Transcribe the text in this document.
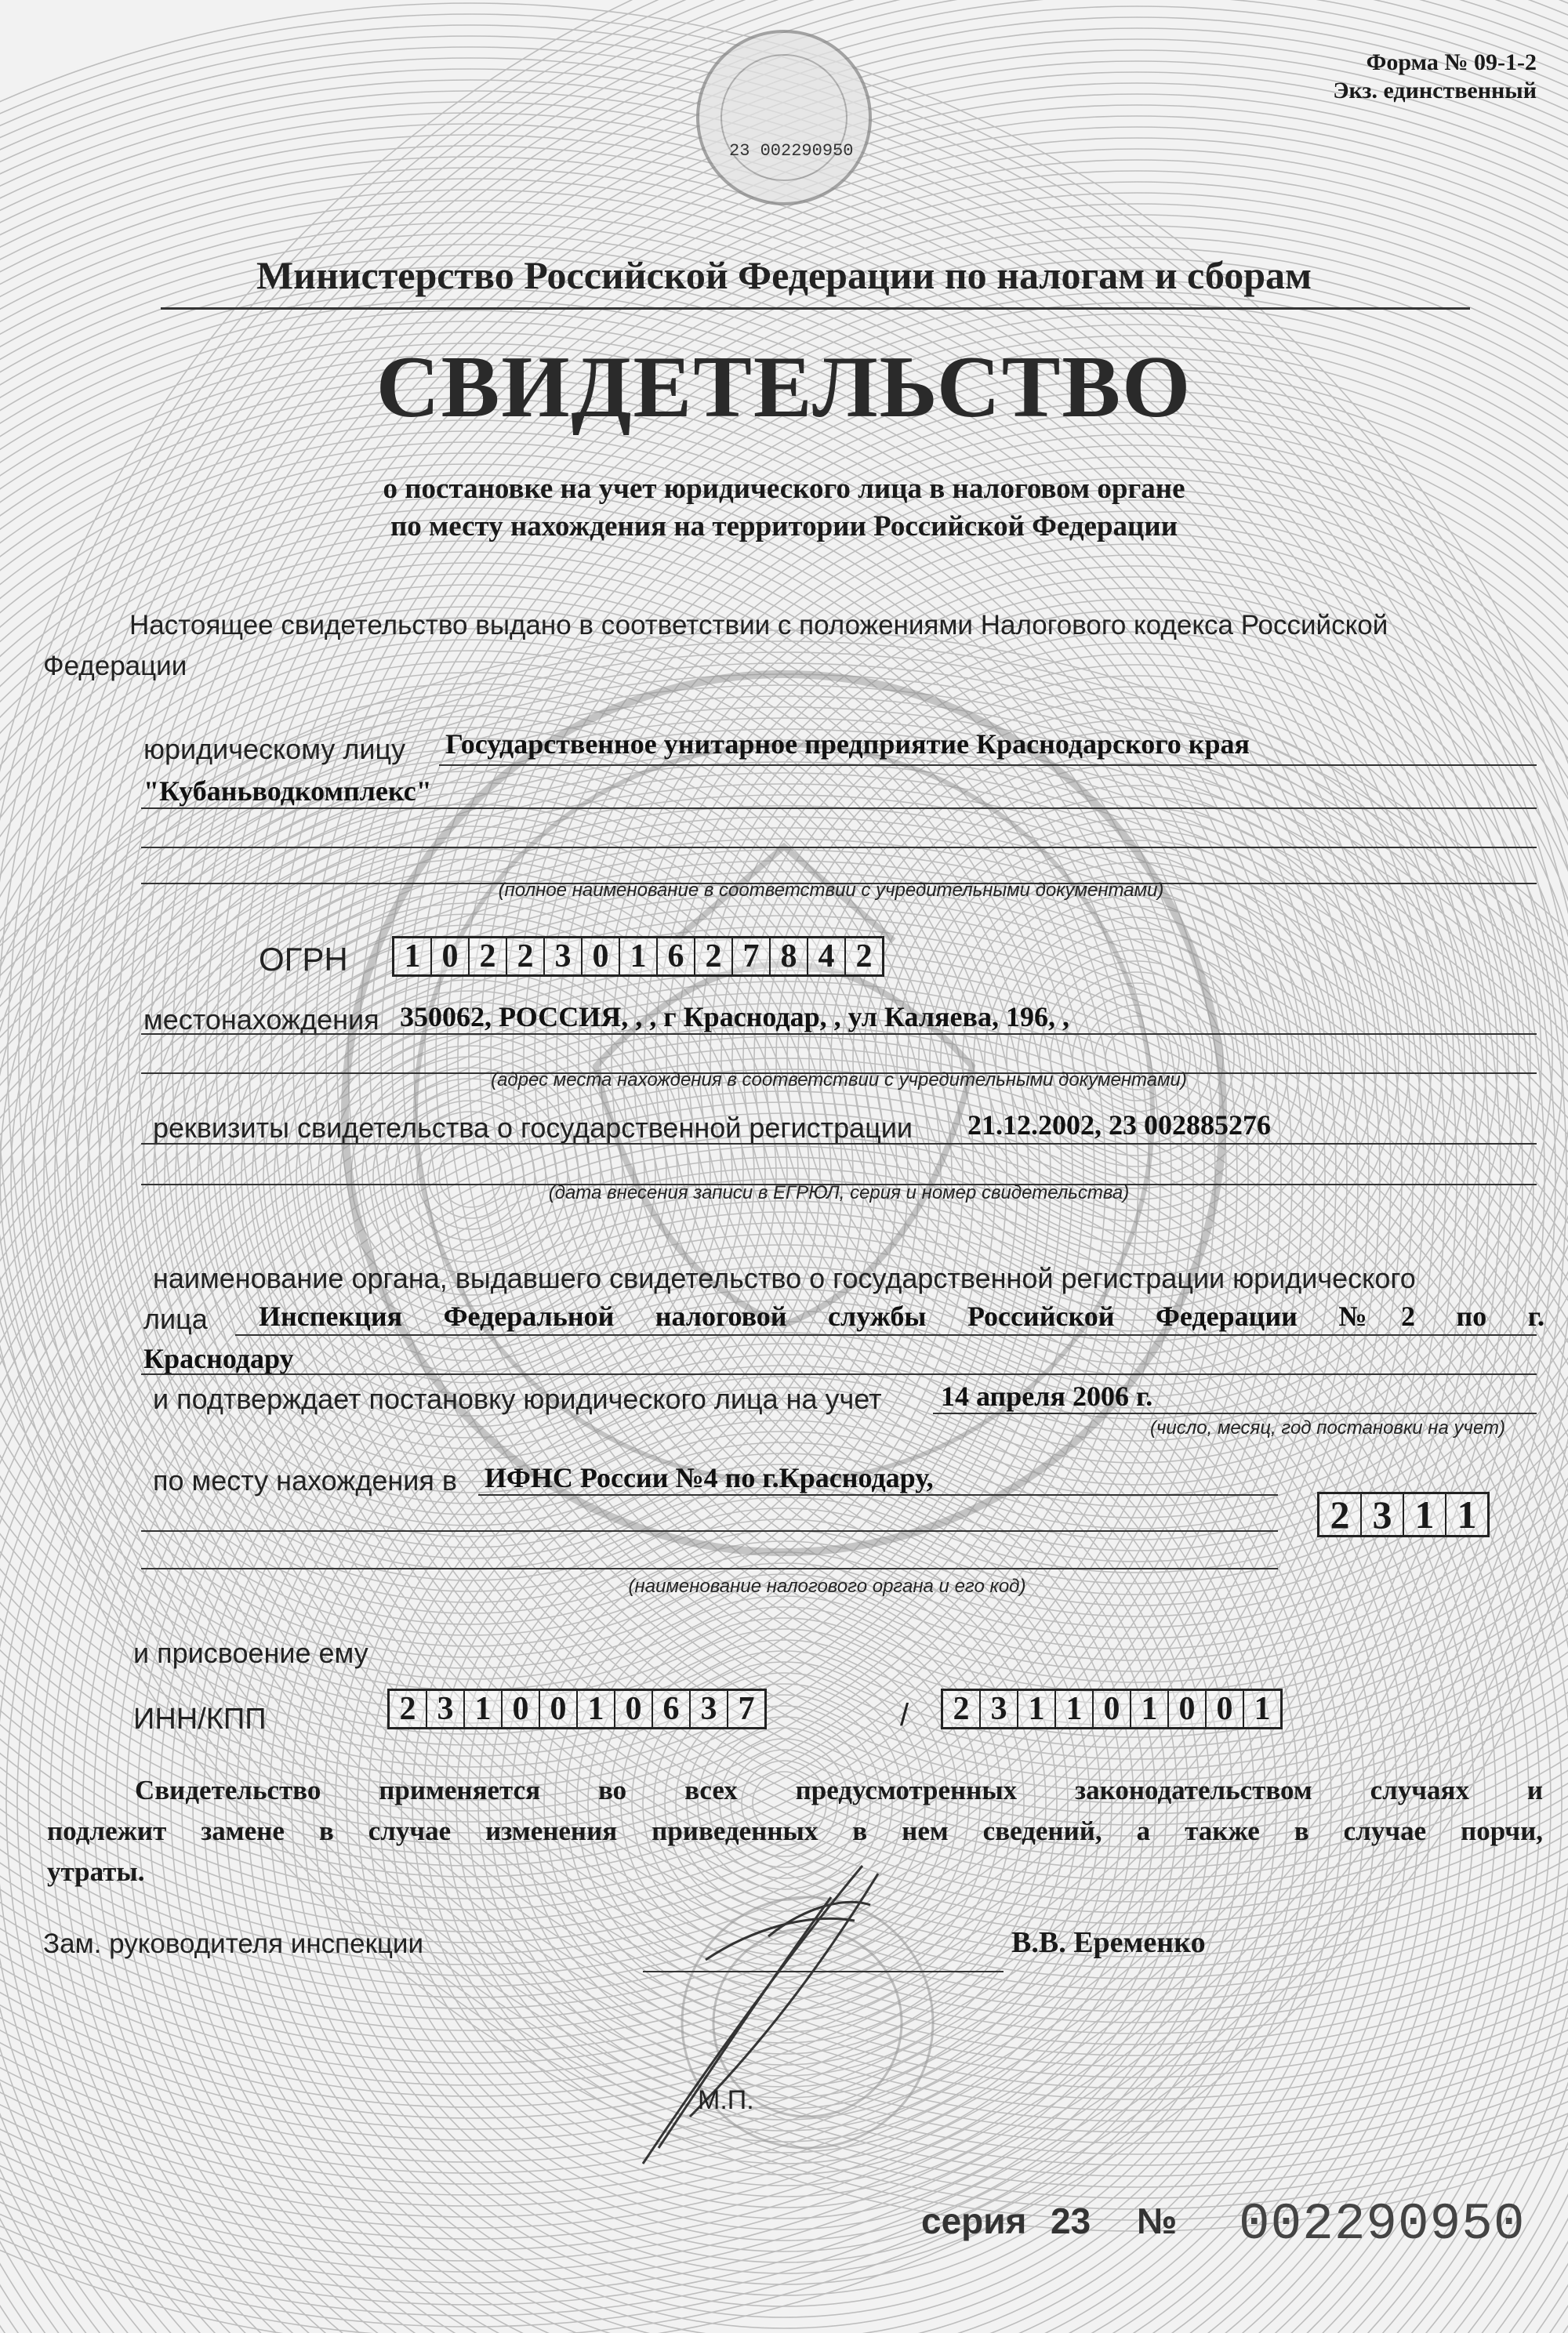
Форма № 09-1-2
Экз. единственный
23 002290950
Министерство Российской Федерации по налогам и сборам
СВИДЕТЕЛЬСТВО
о постановке на учет юридического лица в налоговом органе
по месту нахождения на территории Российской Федерации
Настоящее свидетельство выдано в соответствии с положениями Налогового кодекса Российской
Федерации
юридическому лицу Государственное унитарное предприятие Краснодарского края
"Кубаньводкомплекс"
(полное наименование в соответствии с учредительными документами)
ОГРН 1 0 2 2 3 0 1 6 2 7 8 4 2
местонахождения 350062, РОССИЯ, , , г Краснодар, , ул Каляева, 196, ,
(адрес места нахождения в соответствии с учредительными документами)
реквизиты свидетельства о государственной регистрации 21.12.2002, 23 002885276
(дата внесения записи в ЕГРЮЛ, серия и номер свидетельства)
наименование органа, выдавшего свидетельство о государственной регистрации юридического
лица Инспекция Федеральной налоговой службы Российской Федерации №2 по г.
Краснодару
и подтверждает постановку юридического лица на учет 14 апреля 2006 г.
(число, месяц, год постановки на учет)
по месту нахождения в ИФНС России №4 по г.Краснодару,
2 3 1 1
(наименование налогового органа и его код)
и присвоение ему
ИНН/КПП	2 3 1 0 0 1 0 6 3 7	/ 2 3 1 1 0 1 0 0 1
Свидетельство применяется во всех предусмотренных законодательством случаях и
подлежит замене в случае изменения приведенных в нем сведений, а также в случае порчи,
утраты.
Зам. руководителя инспекции	В.В. Еременко
М.П.
серия 23 № 002290950
